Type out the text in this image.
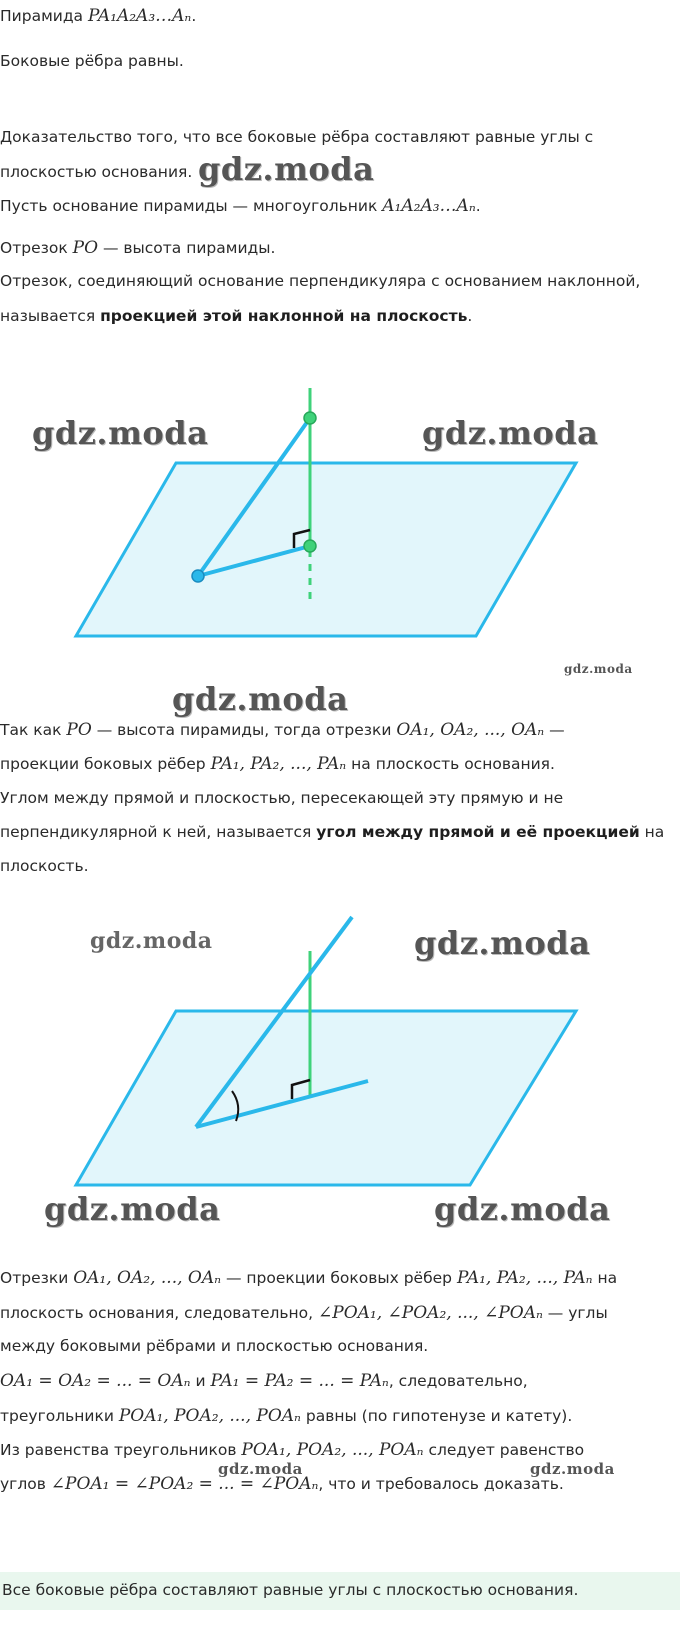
Пирамида PA₁A₂A₃…Aₙ.
Боковые рёбра равны.
Доказательство того, что все боковые рёбра составляют равные углы с
плоскостью основания. gdz.moda
Пусть основание пирамиды — многоугольник A₁A₂A₃…Aₙ.
Отрезок PO — высота пирамиды.
Отрезок, соединяющий основание перпендикуляра с основанием наклонной,
называется проекцией этой наклонной на плоскость.
gdz.moda	gdz.moda
gdz.moda
gdz.moda
Так как PO — высота пирамиды, тогда отрезки OA₁, OA₂, ..., OAₙ —
проекции боковых рёбер PA₁, PA₂, ..., PAₙ на плоскость основания.
Углом между прямой и плоскостью, пересекающей эту прямую и не
перпендикулярной к ней, называется угол между прямой и её проекцией на
плоскость.
gdz.moda	gdz.moda
gdz.moda	gdz.moda
Отрезки OA₁, OA₂, ..., OAₙ — проекции боковых рёбер PA₁, PA₂, ..., PAₙ на
плоскость основания, следовательно, ∠POA₁, ∠POA₂, ..., ∠POAₙ — углы
между боковыми рёбрами и плоскостью основания.
OA₁ = OA₂ = ... = OAₙ и PA₁ = PA₂ = ... = PAₙ, следовательно,
треугольники POA₁, POA₂, ..., POAₙ равны (по гипотенузе и катету).
Из равенства треугольников POA₁, POA₂, ..., POAₙ следует равенство
gdz.moda	gdz.moda
углов ∠POA₁ = ∠POA₂ = ... = ∠POAₙ, что и требовалось доказать.
Все боковые рёбра составляют равные углы с плоскостью основания.
